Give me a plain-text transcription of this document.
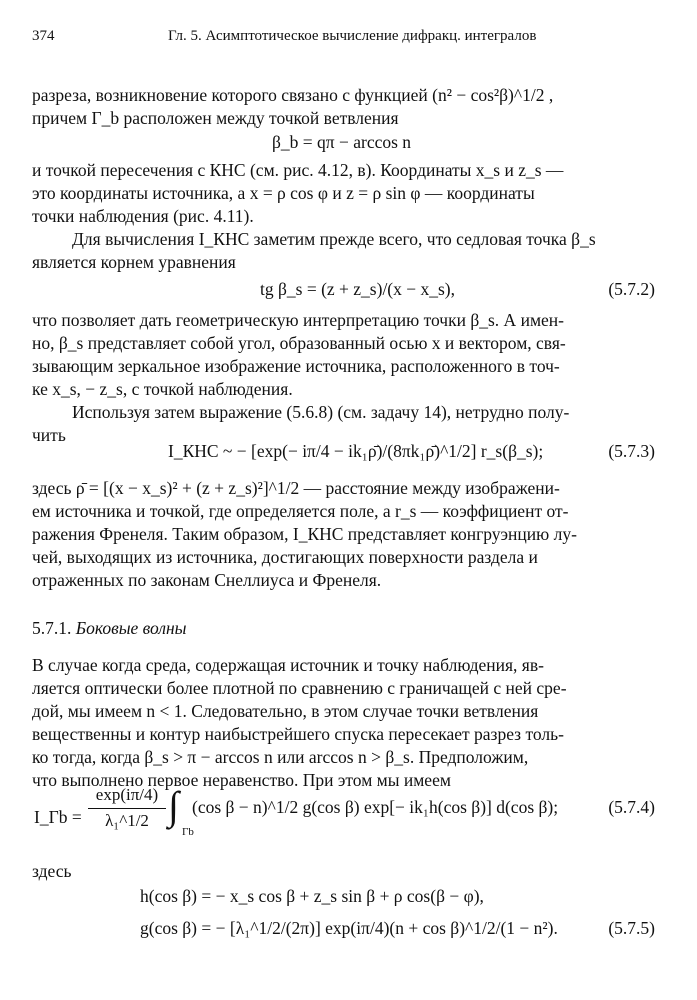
374	Гл. 5. Асимптотическое вычисление дифракц. интегралов
разреза, возникновение которого связано с функцией (n² − cos²β)^1/2 ,
причем Г_b расположен между точкой ветвления
β_b = qπ − arccos n
и точкой пересечения с КНС (см. рис. 4.12, в). Координаты x_s и z_s —
это координаты источника, а x = ρ cos φ и z = ρ sin φ — координаты
точки наблюдения (рис. 4.11).
Для вычисления I_КНС заметим прежде всего, что седловая точка β_s
является корнем уравнения
tg β_s = (z + z_s)/(x − x_s),	(5.7.2)
что позволяет дать геометрическую интерпретацию точки β_s. А имен-
но, β_s представляет собой угол, образованный осью x и вектором, свя-
зывающим зеркальное изображение источника, расположенного в точ-
ке x_s, − z_s, с точкой наблюдения.
Используя затем выражение (5.6.8) (см. задачу 14), нетрудно полу-
чить
I_КНС ~ − [exp(− iπ/4 − ik₁ρ̄)/(8πk₁ρ̄)^1/2] r_s(β_s);	(5.7.3)
здесь ρ̄ = [(x − x_s)² + (z + z_s)²]^1/2 — расстояние между изображени-
ем источника и точкой, где определяется поле, а r_s — коэффициент от-
ражения Френеля. Таким образом, I_КНС представляет конгруэнцию лу-
чей, выходящих из источника, достигающих поверхности раздела и
отраженных по законам Снеллиуса и Френеля.
5.7.1. Боковые волны
В случае когда среда, содержащая источник и точку наблюдения, яв-
ляется оптически более плотной по сравнению с граничащей с ней сре-
дой, мы имеем n < 1. Следовательно, в этом случае точки ветвления
вещественны и контур наибыстрейшего спуска пересекает разрез толь-
ко тогда, когда β_s > π − arccos n или arccos n > β_s. Предположим,
что выполнено первое неравенство. При этом мы имеем
I_Гb =
exp(iπ/4)
λ₁^1/2 ∫
Гb
(cos β − n)^1/2 g(cos β) exp[− ik₁h(cos β)] d(cos β);	(5.7.4)
здесь
h(cos β) = − x_s cos β + z_s sin β + ρ cos(β − φ),
g(cos β) = − [λ₁^1/2/(2π)] exp(iπ/4)(n + cos β)^1/2/(1 − n²).	(5.7.5)
